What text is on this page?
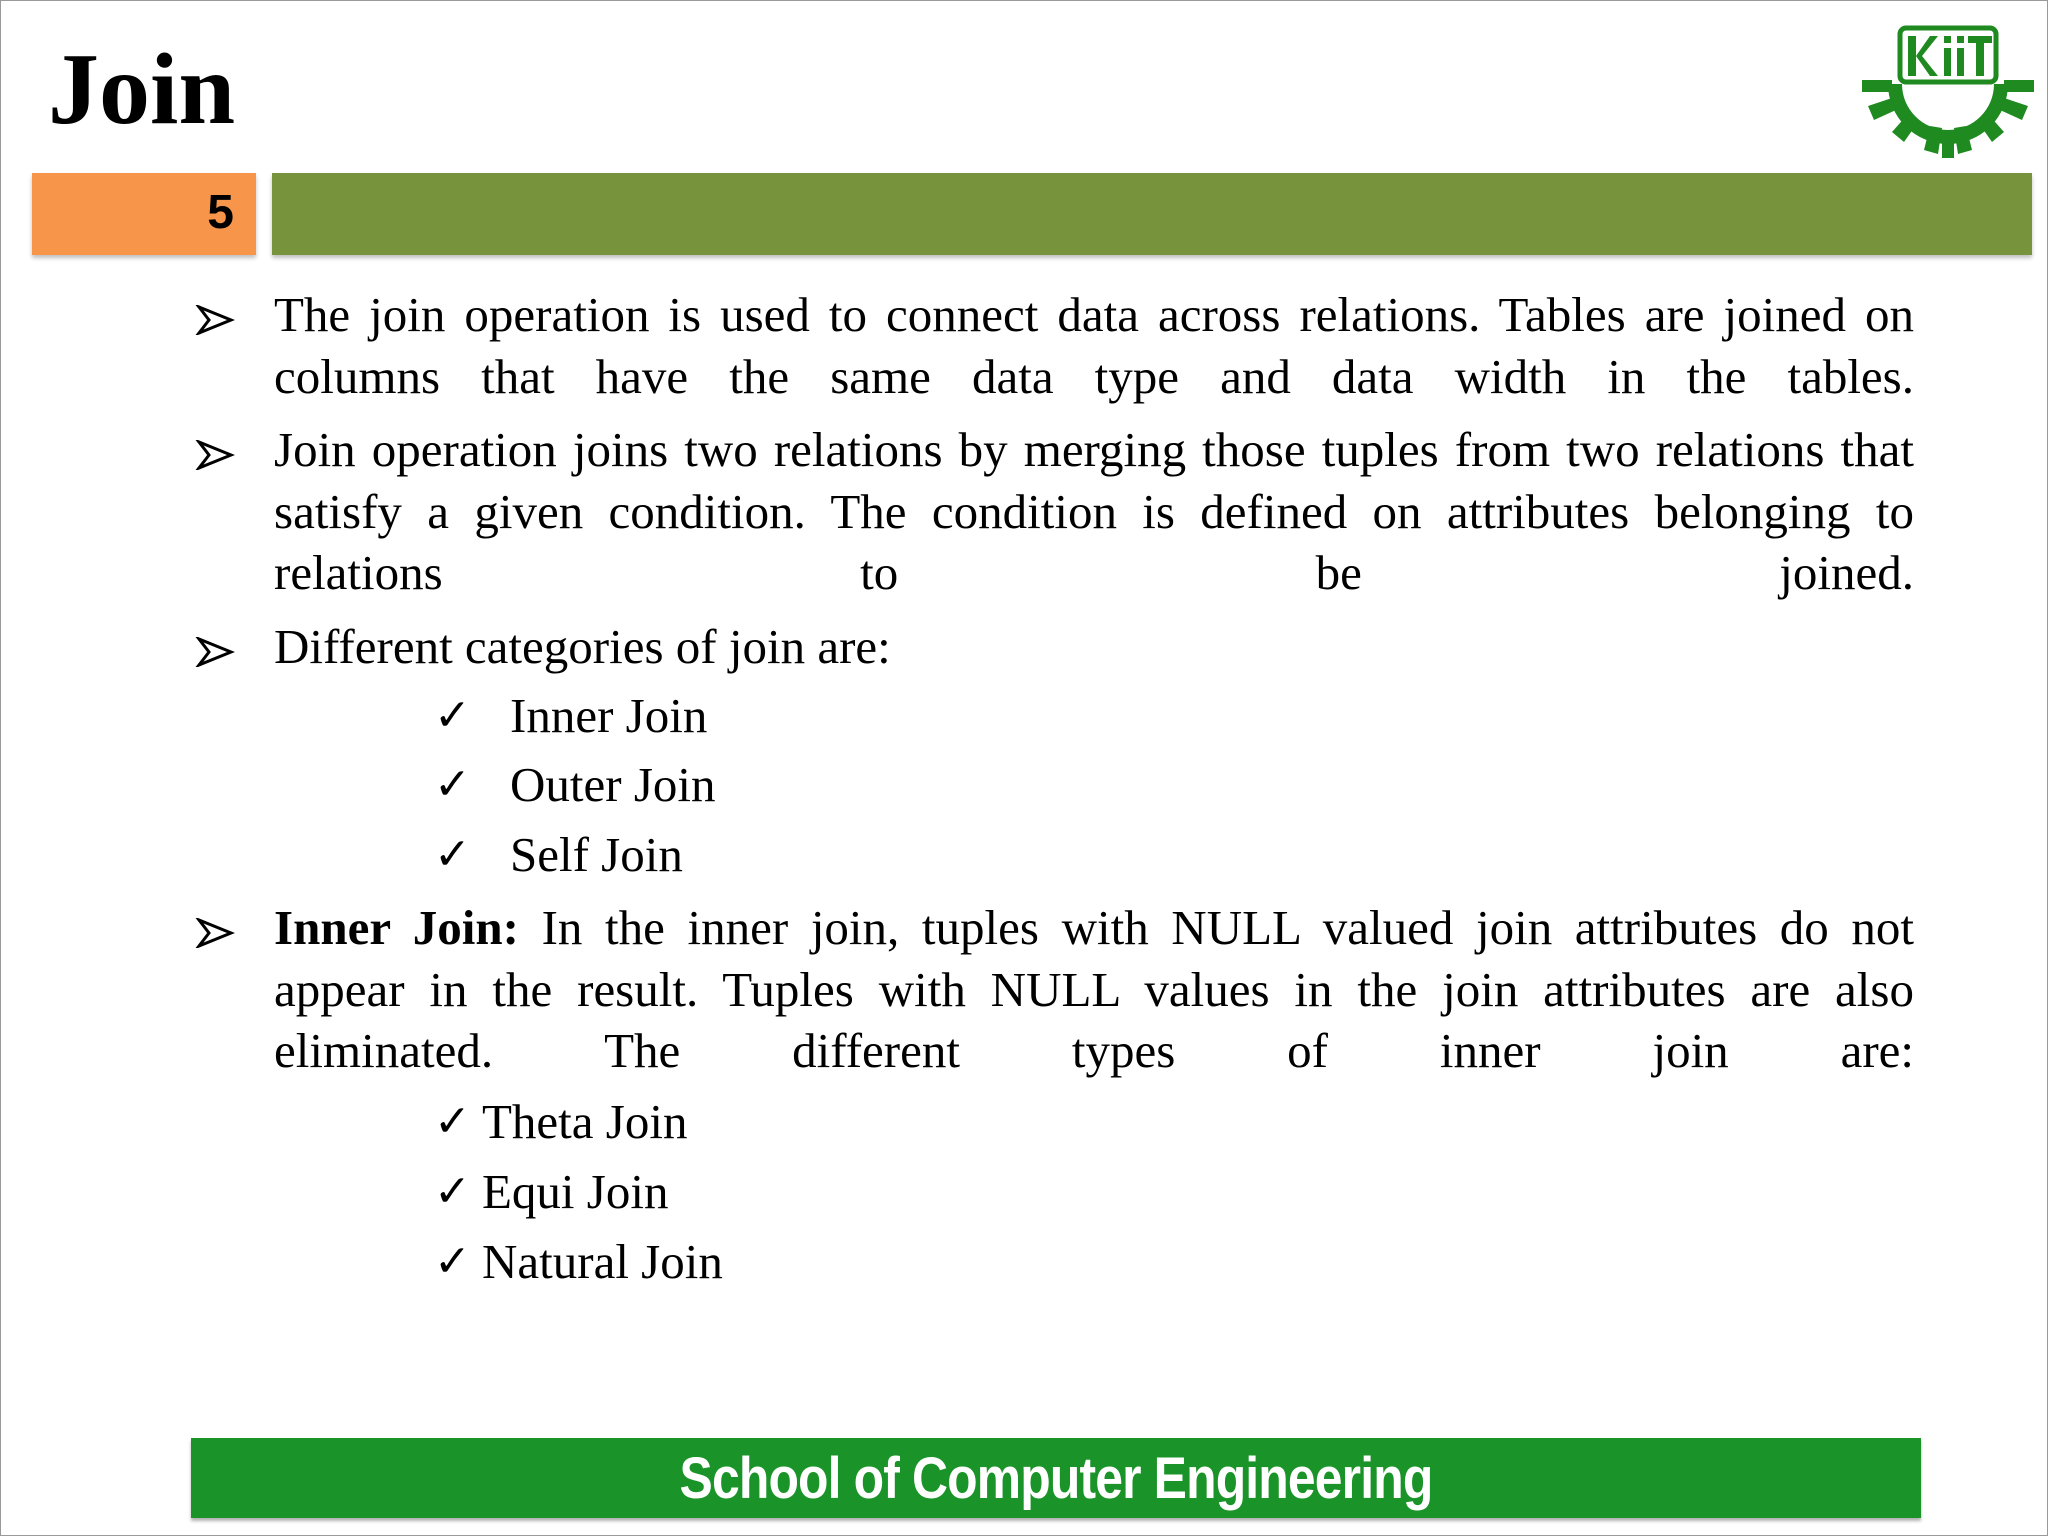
Join
5
The join operation is used to connect data across relations. Tables are joined on columns that have the same data type and data width in the tables.
Join operation joins two relations by merging those tuples from two relations that satisfy a given condition. The condition is defined on attributes belonging to relations to be joined.
Different categories of join are:
✓ Inner Join
✓ Outer Join
✓ Self Join
Inner Join: In the inner join, tuples with NULL valued join attributes do not appear in the result. Tuples with NULL values in the join attributes are also eliminated. The different types of inner join are:
✓ Theta Join
✓ Equi Join
✓ Natural Join
School of Computer Engineering
